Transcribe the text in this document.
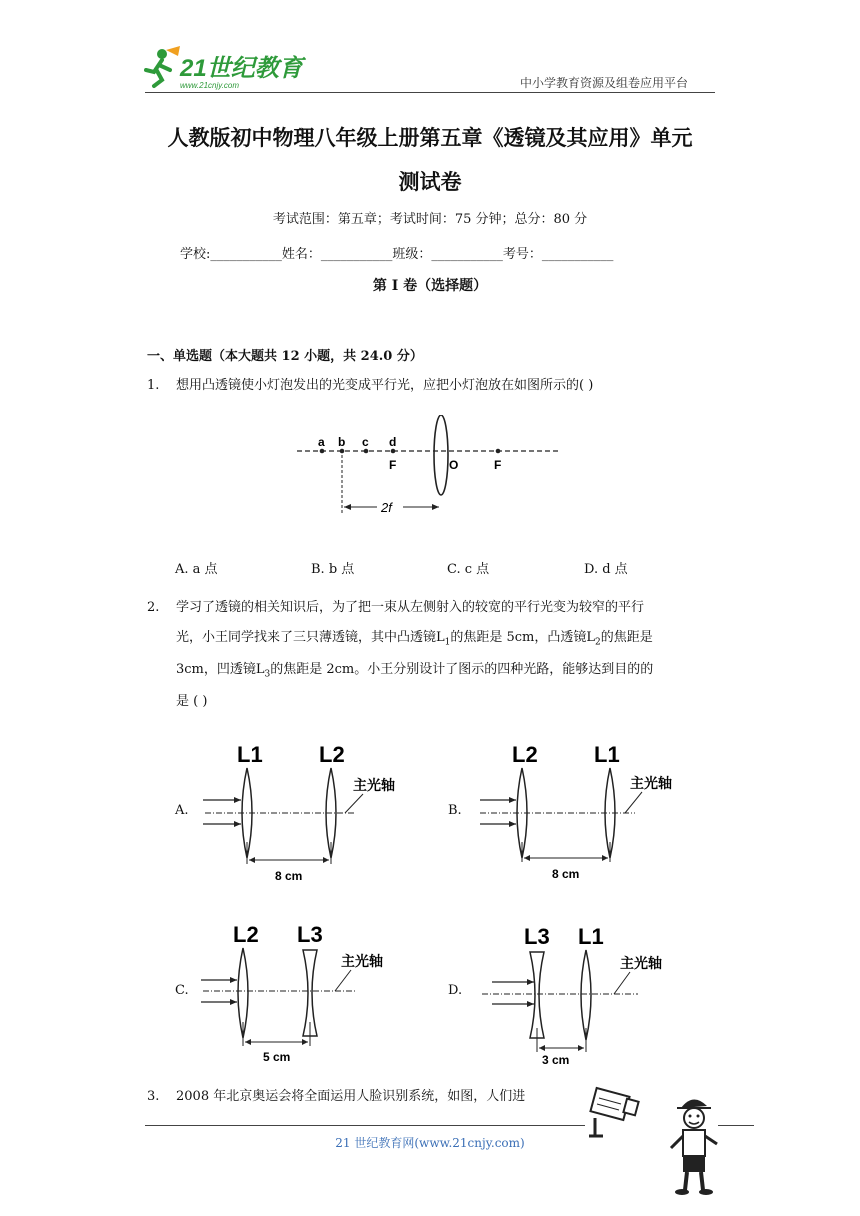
21世纪教育
www.21cnjy.com	中小学教育资源及组卷应用平台
人教版初中物理八年级上册第五章《透镜及其应用》单元
测试卷
考试范围：第五章；考试时间：75 分钟；总分：80 分
学校:___________姓名：___________班级：___________考号：___________
第 I 卷（选择题）
一、单选题（本大题共 12 小题，共 24.0 分）
1. 想用凸透镜使小灯泡发出的光变成平行光，应把小灯泡放在如图所示的( )
a b c d
F	O	F
2f
A. a 点	B. b 点	C. c 点	D. d 点
2. 学习了透镜的相关知识后，为了把一束从左侧射入的较宽的平行光变为较窄的平行
光，小王同学找来了三只薄透镜，其中凸透镜$L_1$的焦距是 5cm，凸透镜$L_2$的焦距是
3cm，凹透镜$L_3$的焦距是 2cm。小王分别设计了图示的四种光路，能够达到目的的
是 ( )
A.
L1	L2
主光轴
8 cm
B.
L2	L1
主光轴
8 cm
C.
L2 L3
主光轴
5 cm
D.
L3 L1
主光轴
3 cm
3. 2008 年北京奥运会将全面运用人脸识别系统，如图，人们进
21 世纪教育网(www.21cnjy.com)
